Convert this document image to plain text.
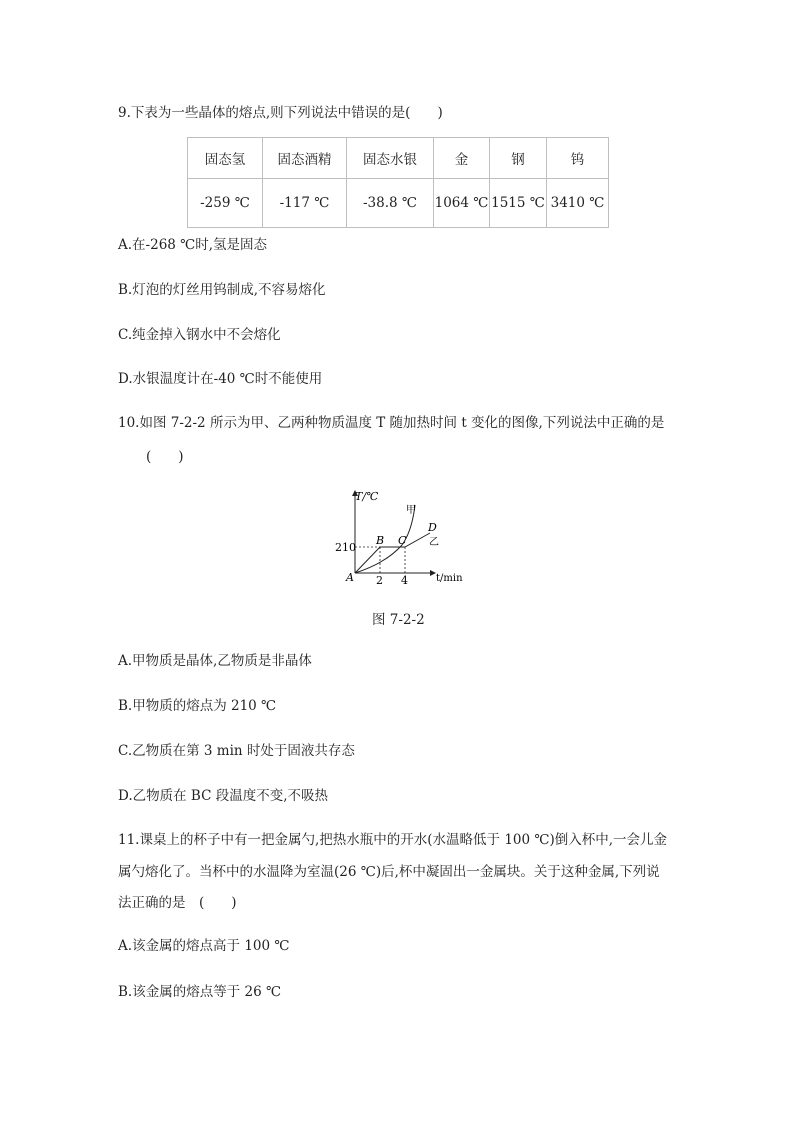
9.下表为一些晶体的熔点,则下列说法中错误的是(　　)
固态氢	固态酒精	固态水银	金	钢	钨
-259 ℃	-117 ℃	-38.8 ℃	1064 ℃	1515 ℃	3410 ℃
A.在-268 ℃时,氢是固态
B.灯泡的灯丝用钨制成,不容易熔化
C.纯金掉入钢水中不会熔化
D.水银温度计在-40 ℃时不能使用
10.如图 7-2-2 所示为甲、乙两种物质温度 T 随加热时间 t 变化的图像,下列说法中正确的是
(　　)
T/℃
t/min
210
2 4
A
B C
D
甲
乙
图 7-2-2
A.甲物质是晶体,乙物质是非晶体
B.甲物质的熔点为 210 ℃
C.乙物质在第 3 min 时处于固液共存态
D.乙物质在 BC 段温度不变,不吸热
11.课桌上的杯子中有一把金属勺,把热水瓶中的开水(水温略低于 100 ℃)倒入杯中,一会儿金
属勺熔化了。当杯中的水温降为室温(26 ℃)后,杯中凝固出一金属块。关于这种金属,下列说
法正确的是　(　　)
A.该金属的熔点高于 100 ℃
B.该金属的熔点等于 26 ℃
